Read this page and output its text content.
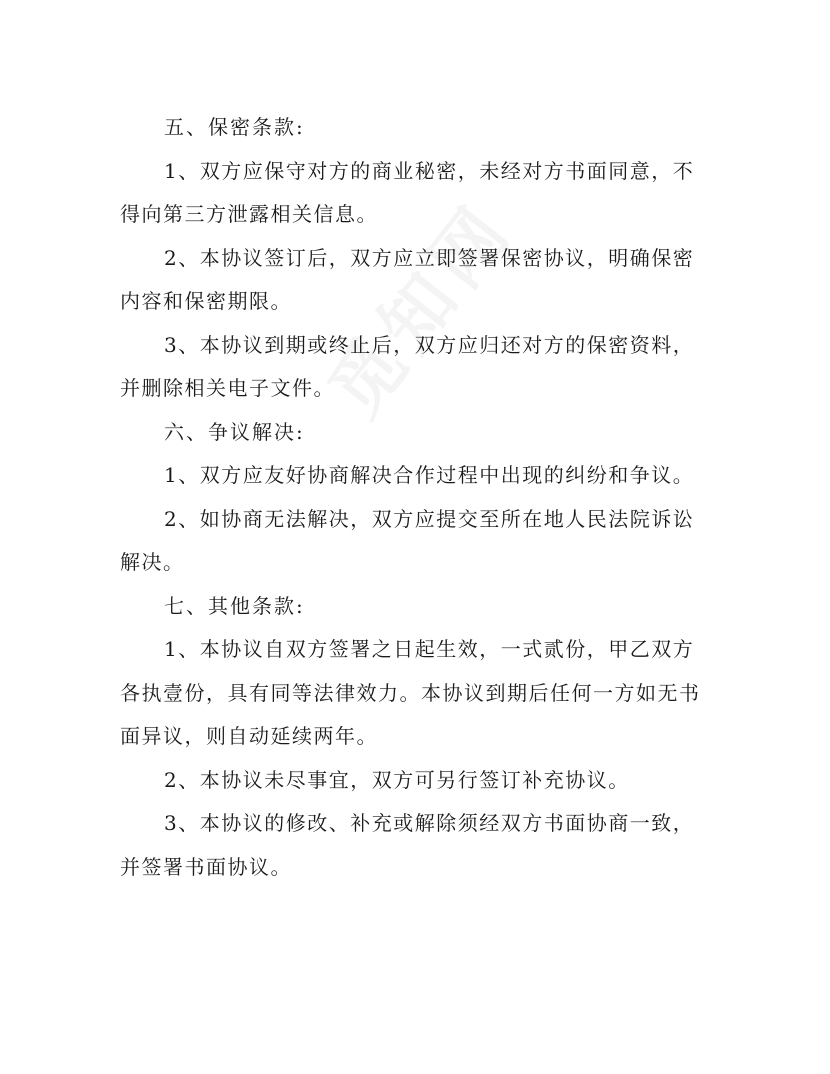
五、保密条款:

1、双方应保守对方的商业秘密，未经对方书面同意，不得向第三方泄露相关信息。

2、本协议签订后，双方应立即签署保密协议，明确保密内容和保密期限。

3、本协议到期或终止后，双方应归还对方的保密资料，并删除相关电子文件。

六、争议解决:

1、双方应友好协商解决合作过程中出现的纠纷和争议。

2、如协商无法解决，双方应提交至所在地人民法院诉讼解决。

七、其他条款:

1、本协议自双方签署之日起生效，一式贰份，甲乙双方各执壹份，具有同等法律效力。本协议到期后任何一方如无书面异议，则自动延续两年。

2、本协议未尽事宜，双方可另行签订补充协议。

3、本协议的修改、补充或解除须经双方书面协商一致，并签署书面协议。
